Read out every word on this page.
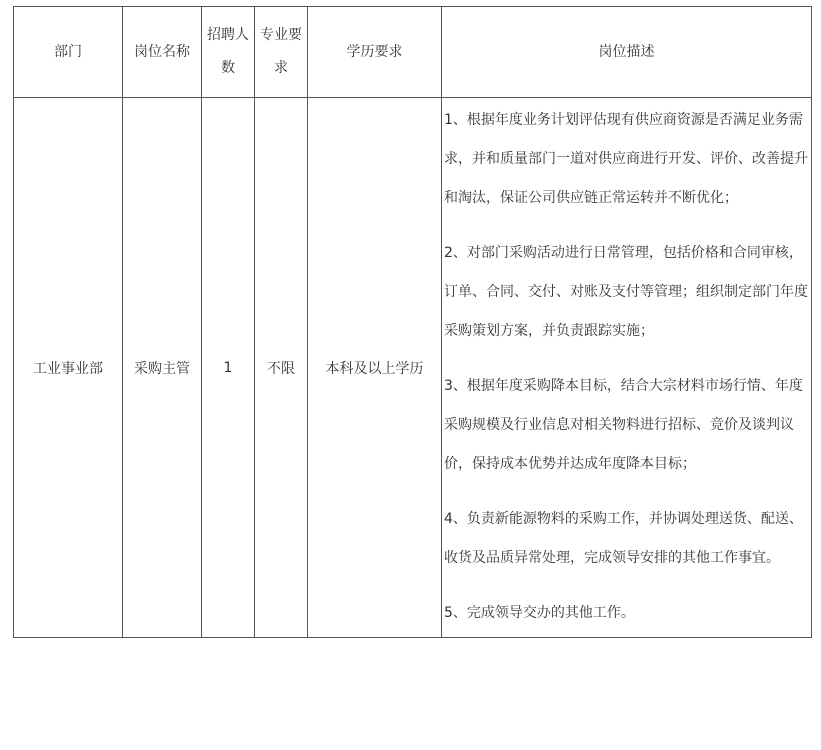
部门	岗位名称	招聘人数	专业要求	学历要求	岗位描述
工业事业部	采购主管	1	不限	本科及以上学历	1、根据年度业务计划评估现有供应商资源是否满足业务需求，并和质量部门一道对供应商进行开发、评价、改善提升和淘汰，保证公司供应链正常运转并不断优化；

2、对部门采购活动进行日常管理，包括价格和合同审核，订单、合同、交付、对账及支付等管理；组织制定部门年度采购策划方案，并负责跟踪实施；

3、根据年度采购降本目标，结合大宗材料市场行情、年度采购规模及行业信息对相关物料进行招标、竞价及谈判议价，保持成本优势并达成年度降本目标；

4、负责新能源物料的采购工作，并协调处理送货、配送、收货及品质异常处理，完成领导安排的其他工作事宜。

5、完成领导交办的其他工作。
